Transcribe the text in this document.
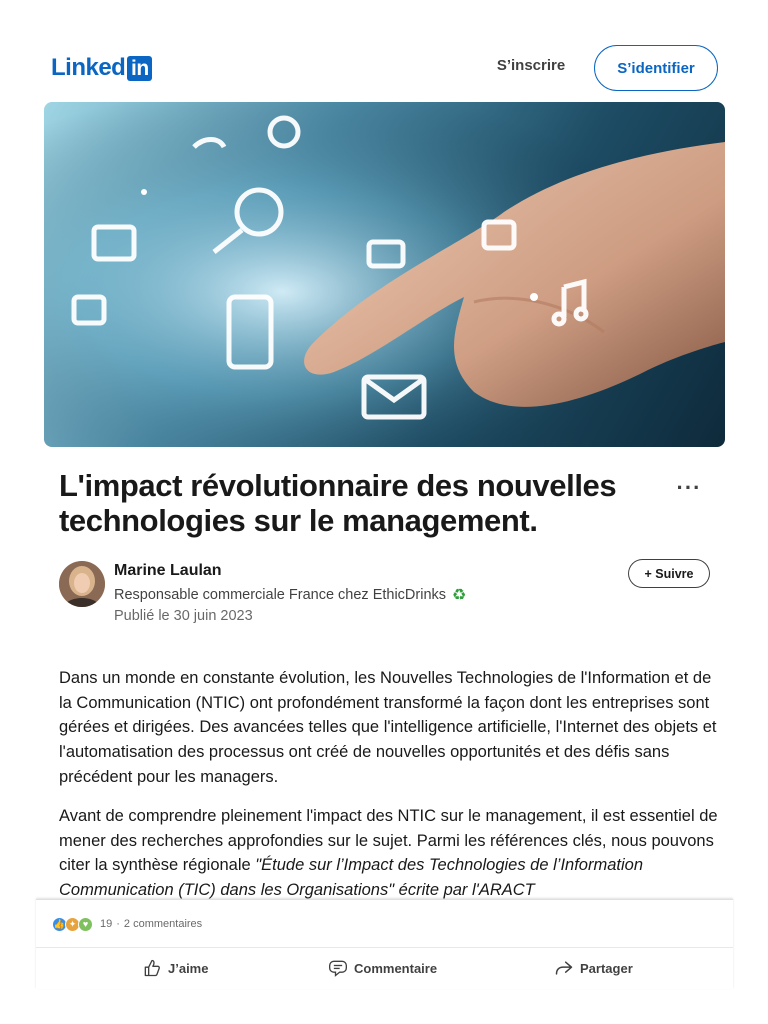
Linked in	S’inscrire	S’identifier
L'impact révolutionnaire des nouvelles technologies sur le management.
···
Marine Laulan
Responsable commerciale France chez EthicDrinks ♻
Publié le 30 juin 2023
+ Suivre

Dans un monde en constante évolution, les Nouvelles Technologies de l'Information et de la Communication (NTIC) ont profondément transformé la façon dont les entreprises sont gérées et dirigées. Des avancées telles que l'intelligence artificielle, l'Internet des objets et l'automatisation des processus ont créé de nouvelles opportunités et des défis sans précédent pour les managers.

Avant de comprendre pleinement l'impact des NTIC sur le management, il est essentiel de mener des recherches approfondies sur le sujet. Parmi les références clés, nous pouvons citer la synthèse régionale "Étude sur l’Impact des Technologies de l’Information Communication (TIC) dans les Organisations" écrite par l'ARACT

👍 ✦ ♥	19 · 2 commentaires
J’aime	Commentaire	Partager
